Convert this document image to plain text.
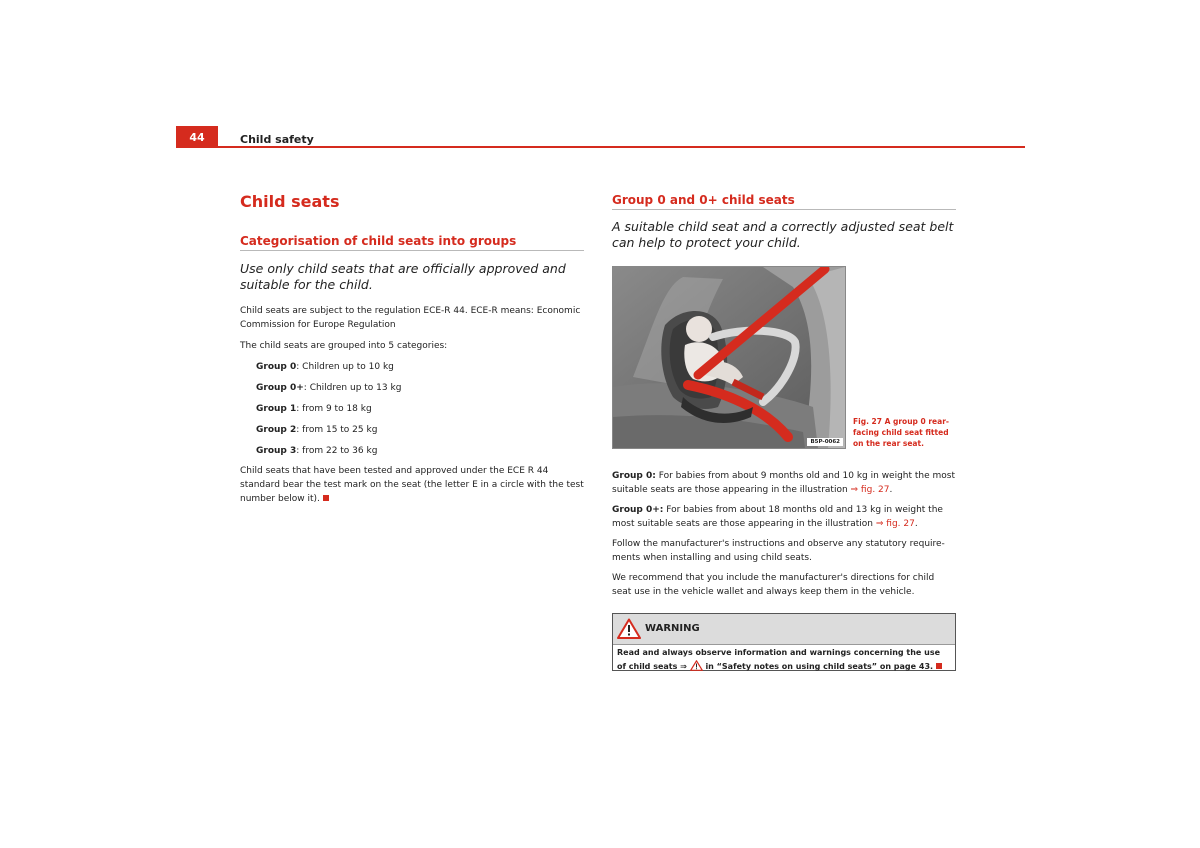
44	Child safety
Child seats
Categorisation of child seats into groups
Use only child seats that are officially approved and suitable for the child.
Child seats are subject to the regulation ECE-R 44. ECE-R means: Economic Commission for Europe Regulation
The child seats are grouped into 5 categories:
Group 0: Children up to 10 kg
Group 0+: Children up to 13 kg
Group 1: from 9 to 18 kg
Group 2: from 15 to 25 kg
Group 3: from 22 to 36 kg
Child seats that have been tested and approved under the ECE R 44 standard bear the test mark on the seat (the letter E in a circle with the test number below it).
Group 0 and 0+ child seats
A suitable child seat and a correctly adjusted seat belt can help to protect your child.
B5P-0062
Fig. 27 A group 0 rear-facing child seat fitted on the rear seat.
Group 0: For babies from about 9 months old and 10 kg in weight the most suitable seats are those appearing in the illustration ⇒ fig. 27.
Group 0+: For babies from about 18 months old and 13 kg in weight the most suitable seats are those appearing in the illustration ⇒ fig. 27.
Follow the manufacturer's instructions and observe any statutory require-ments when installing and using child seats.
We recommend that you include the manufacturer's directions for child seat use in the vehicle wallet and always keep them in the vehicle.
WARNING
Read and always observe information and warnings concerning the use of child seats ⇒  in “Safety notes on using child seats” on page 43.
